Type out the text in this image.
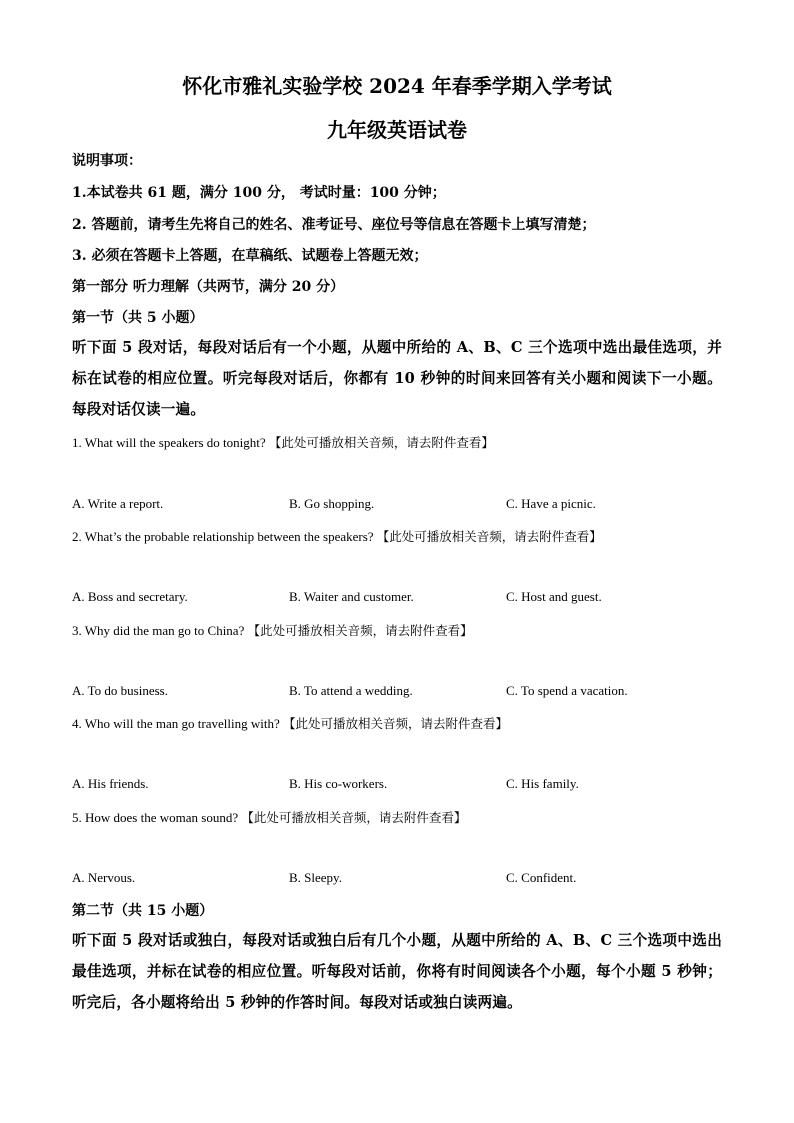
怀化市雅礼实验学校 2024 年春季学期入学考试
九年级英语试卷
说明事项：
1.本试卷共 61 题，满分 100 分， 考试时量：100 分钟；
2. 答题前，请考生先将自己的姓名、准考证号、座位号等信息在答题卡上填写清楚；
3. 必须在答题卡上答题，在草稿纸、试题卷上答题无效；
第一部分 听力理解（共两节，满分 20 分）
第一节（共 5 小题）
听下面 5 段对话，每段对话后有一个小题，从题中所给的 A、B、C 三个选项中选出最佳选项，并标在试卷的相应位置。听完每段对话后，你都有 10 秒钟的时间来回答有关小题和阅读下一小题。每段对话仅读一遍。
1. What will the speakers do tonight? 【此处可播放相关音频，请去附件查看】
A. Write a report.	B. Go shopping.	C. Have a picnic.
2. What’s the probable relationship between the speakers? 【此处可播放相关音频，请去附件查看】
A. Boss and secretary.	B. Waiter and customer.	C. Host and guest.
3. Why did the man go to China? 【此处可播放相关音频，请去附件查看】
A. To do business.	B. To attend a wedding.	C. To spend a vacation.
4. Who will the man go travelling with? 【此处可播放相关音频，请去附件查看】
A. His friends.	B. His co-workers.	C. His family.
5. How does the woman sound? 【此处可播放相关音频，请去附件查看】
A. Nervous.	B. Sleepy.	C. Confident.
第二节（共 15 小题）
听下面 5 段对话或独白，每段对话或独白后有几个小题，从题中所给的 A、B、C 三个选项中选出最佳选项，并标在试卷的相应位置。听每段对话前，你将有时间阅读各个小题，每个小题 5 秒钟；听完后，各小题将给出 5 秒钟的作答时间。每段对话或独白读两遍。
